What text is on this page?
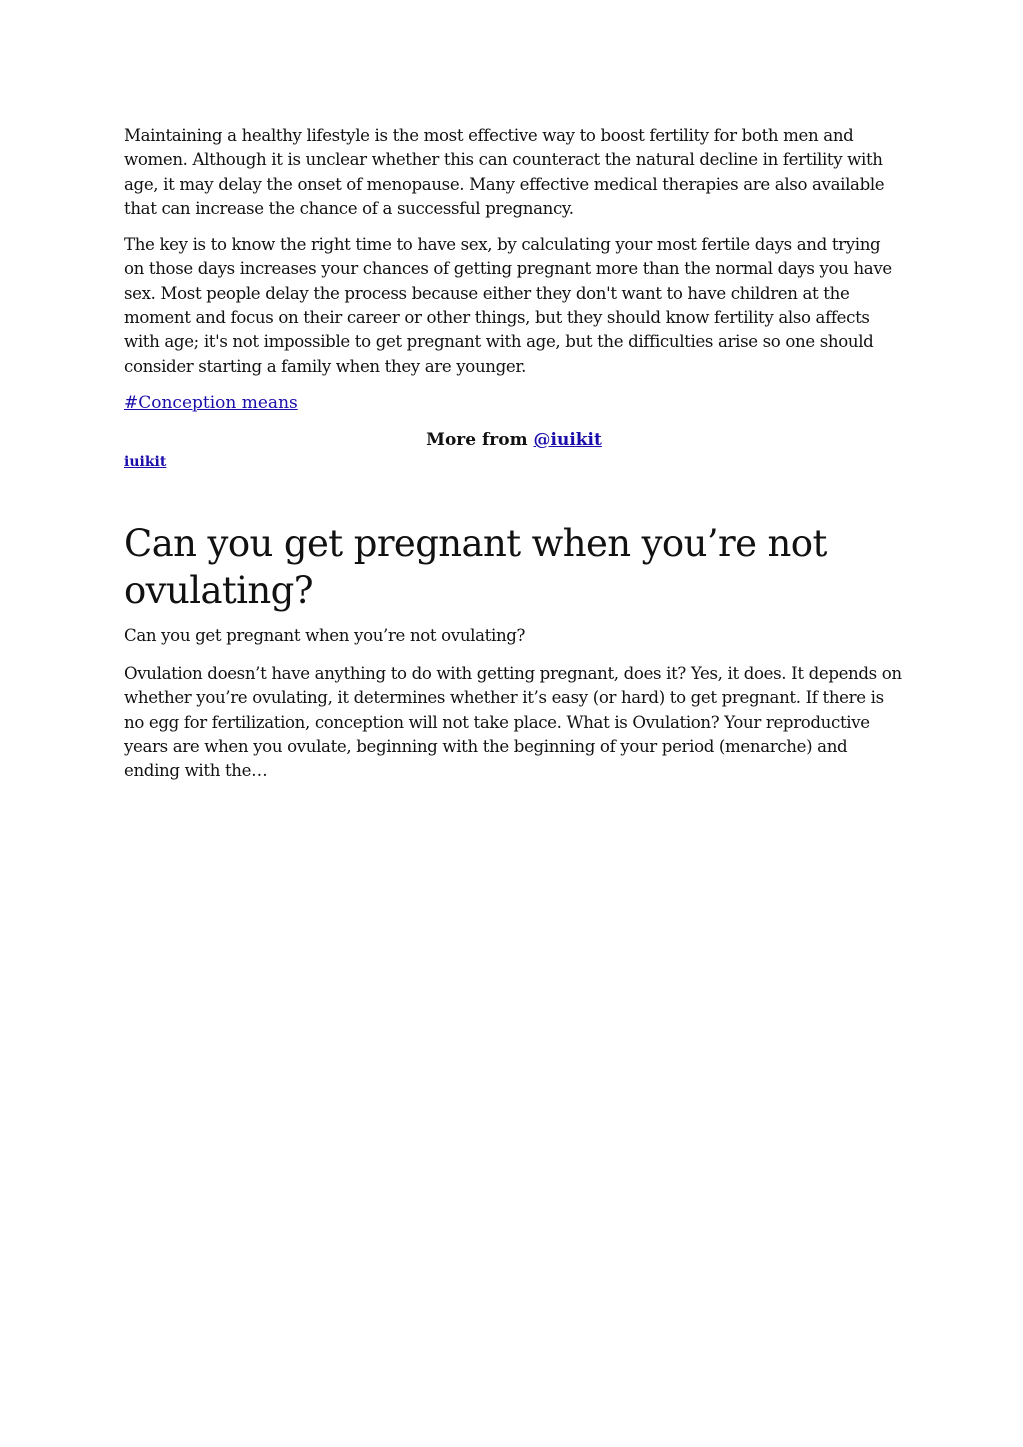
Maintaining a healthy lifestyle is the most effective way to boost fertility for both men and women. Although it is unclear whether this can counteract the natural decline in fertility with age, it may delay the onset of menopause. Many effective medical therapies are also available that can increase the chance of a successful pregnancy.

The key is to know the right time to have sex, by calculating your most fertile days and trying on those days increases your chances of getting pregnant more than the normal days you have sex. Most people delay the process because either they don't want to have children at the moment and focus on their career or other things, but they should know fertility also affects with age; it's not impossible to get pregnant with age, but the difficulties arise so one should consider starting a family when they are younger.

#Conception means

More from @iuikit

iuikit
Can you get pregnant when you’re not ovulating?

Can you get pregnant when you’re not ovulating?

Ovulation doesn’t have anything to do with getting pregnant, does it? Yes, it does. It depends on whether you’re ovulating, it determines whether it’s easy (or hard) to get pregnant. If there is no egg for fertilization, conception will not take place. What is Ovulation? Your reproductive years are when you ovulate, beginning with the beginning of your period (menarche) and ending with the…
